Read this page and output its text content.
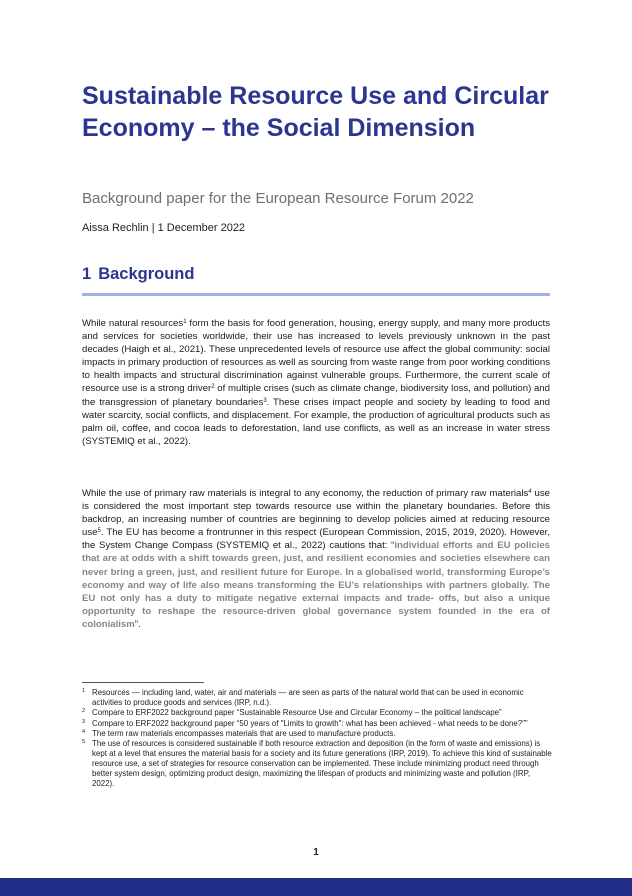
Sustainable Resource Use and Circular Economy – the Social Dimension

Background paper for the European Resource Forum 2022

Aissa Rechlin | 1 December 2022

1 Background

While natural resources$^1$ form the basis for food generation, housing, energy supply, and many more products and services for societies worldwide, their use has increased to levels previously unknown in the past decades (Haigh et al., 2021). These unprecedented levels of resource use affect the global community: social impacts in primary production of resources as well as sourcing from waste range from poor working conditions to health impacts and structural discrimination against vulnerable groups. Furthermore, the current scale of resource use is a strong driver$^2$ of multiple crises (such as climate change, biodiversity loss, and pollution) and the transgression of planetary boundaries$^3$. These crises impact people and society by leading to food and water scarcity, social conflicts, and displacement. For example, the production of agricultural products such as palm oil, coffee, and cocoa leads to deforestation, land use conflicts, as well as an increase in water stress (SYSTEMIQ et al., 2022).

While the use of primary raw materials is integral to any economy, the reduction of primary raw materials$^4$ use is considered the most important step towards resource use within the planetary boundaries. Before this backdrop, an increasing number of countries are beginning to develop policies aimed at reducing resource use$^5$. The EU has become a frontrunner in this respect (European Commission, 2015, 2019, 2020). However, the System Change Compass (SYSTEMIQ et al., 2022) cautions that: “individual efforts and EU policies that are at odds with a shift towards green, just, and resilient economies and societies elsewhere can never bring a green, just, and resilient future for Europe. In a globalised world, transforming Europe’s economy and way of life also means transforming the EU’s relationships with partners globally. The EU not only has a duty to mitigate negative external impacts and trade- offs, but also a unique opportunity to reshape the resource-driven global governance system founded in the era of colonialism”.

1 Resources — including land, water, air and materials — are seen as parts of the natural world that can be used in economic activities to produce goods and services (IRP, n.d.).
2 Compare to ERF2022 background paper “Sustainable Resource Use and Circular Economy – the political landscape”
3 Compare to ERF2022 background paper “50 years of "Limits to growth": what has been achieved - what needs to be done?"”
4 The term raw materials encompasses materials that are used to manufacture products.
5 The use of resources is considered sustainable if both resource extraction and deposition (in the form of waste and emissions) is kept at a level that ensures the material basis for a society and its future generations (IRP, 2019). To achieve this kind of sustainable resource use, a set of strategies for resource conservation can be implemented. These include minimizing product need through better system design, optimizing product design, maximizing the lifespan of products and minimizing waste and pollution (IRP, 2022).

1
